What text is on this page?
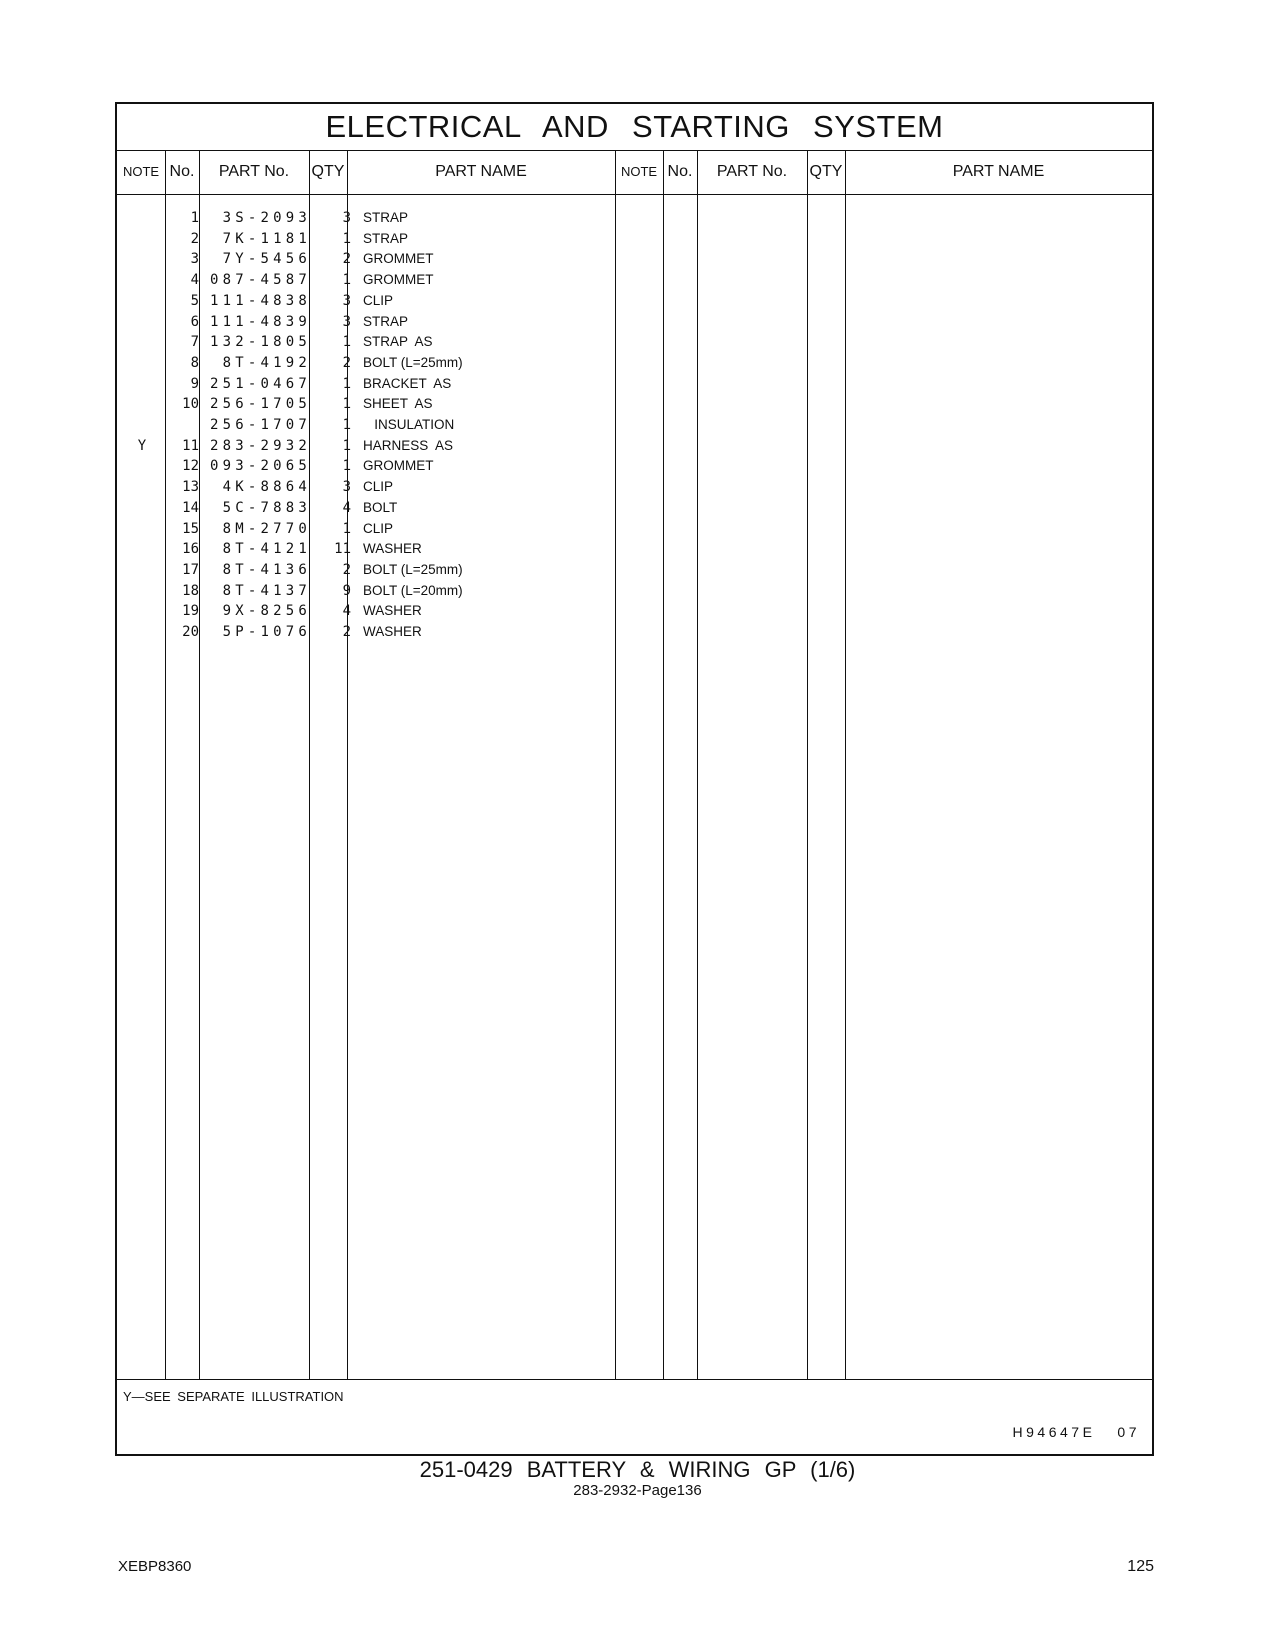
ELECTRICAL AND STARTING SYSTEM
NOTE No.	PART No.	QTY	PART NAME	NOTE No.	PART No.	QTY	PART NAME
1	3S-2093	3 STRAP
2	7K-1181	1 STRAP
3	7Y-5456	2 GROMMET
4 087-4587	1 GROMMET
5 111-4838	3 CLIP
6 111-4839	3 STRAP
7 132-1805	1 STRAP  AS
8	8T-4192	2 BOLT (L=25mm)
9 251-0467	1 BRACKET  AS
10 256-1705	1 SHEET  AS
256-1707	1 INSULATION
Y	11 283-2932	1 HARNESS  AS
12 093-2065	1 GROMMET
13	4K-8864	3 CLIP
14	5C-7883	4 BOLT
15	8M-2770	1 CLIP
16	8T-4121	11 WASHER
17	8T-4136	2 BOLT (L=25mm)
18	8T-4137	9 BOLT (L=20mm)
19	9X-8256	4 WASHER
20	5P-1076	2 WASHER
Y—SEE SEPARATE ILLUSTRATION
H94647E 07
251-0429 BATTERY & WIRING GP (1/6)
283-2932-Page136
XEBP8360	125
